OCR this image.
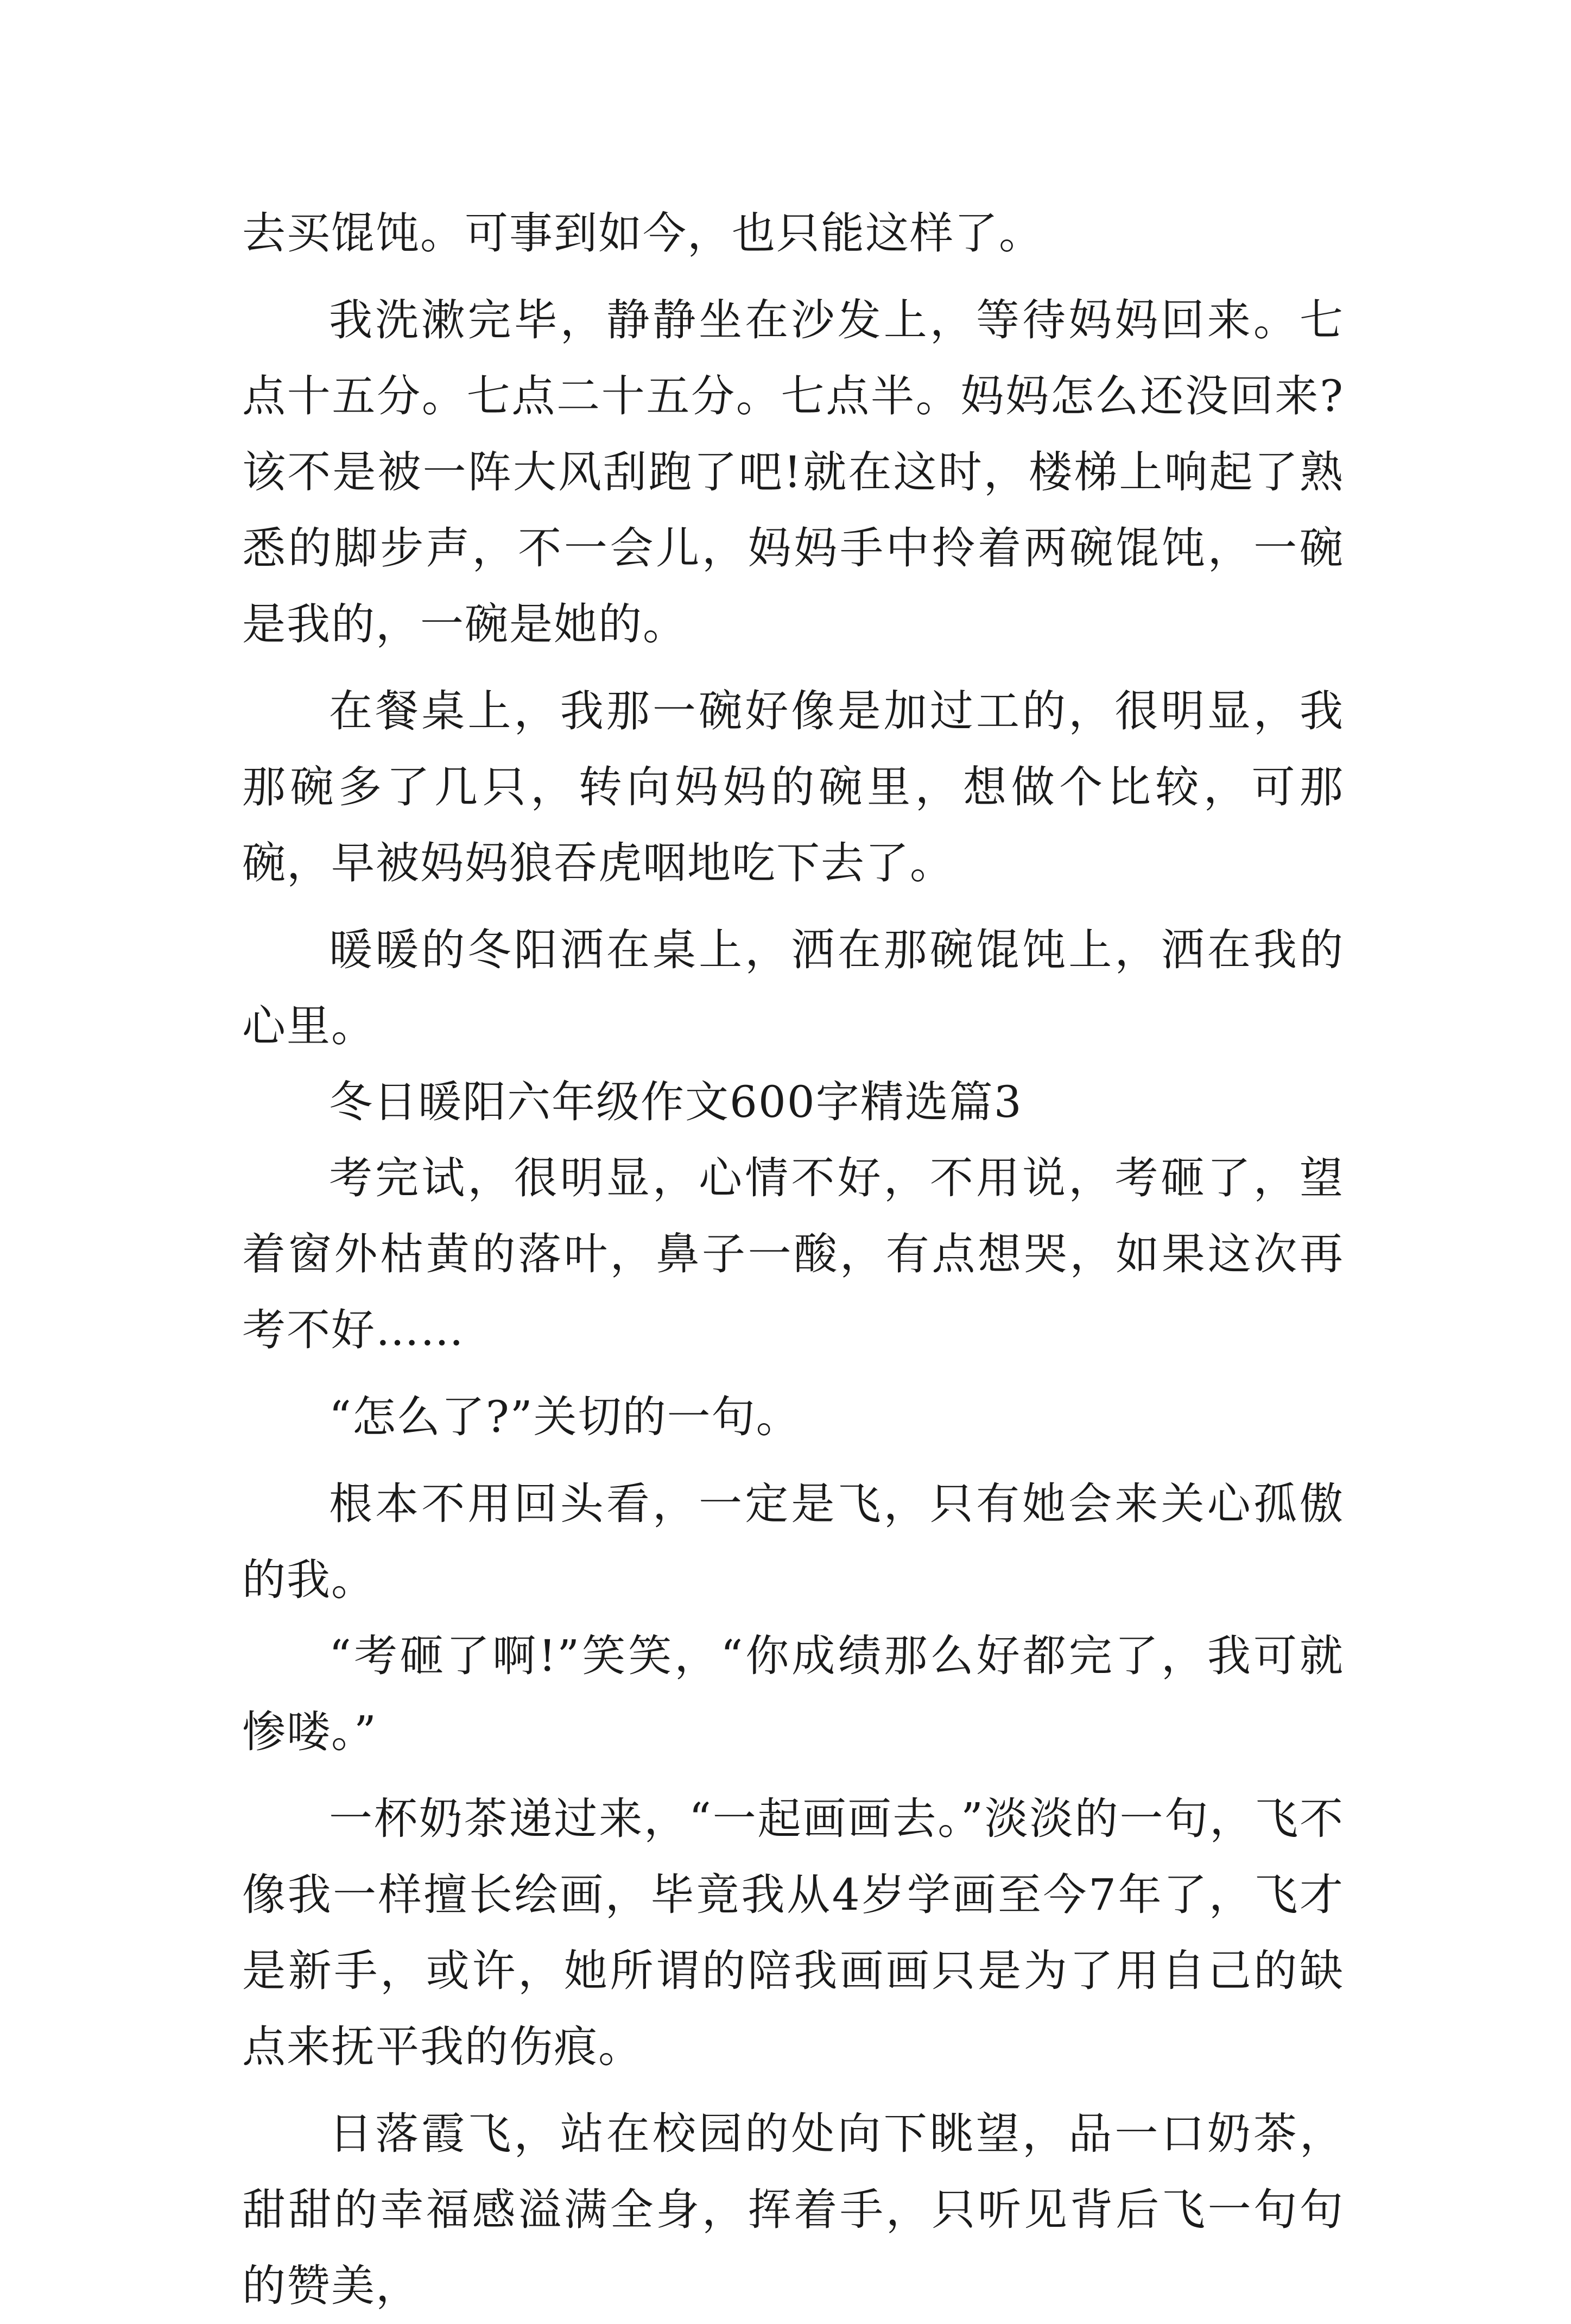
去买馄饨。可事到如今，也只能这样了。

我洗漱完毕，静静坐在沙发上，等待妈妈回来。七点十五分。七点二十五分。七点半。妈妈怎么还没回来?该不是被一阵大风刮跑了吧!就在这时，楼梯上响起了熟悉的脚步声，不一会儿，妈妈手中拎着两碗馄饨，一碗是我的，一碗是她的。

在餐桌上，我那一碗好像是加过工的，很明显，我那碗多了几只，转向妈妈的碗里，想做个比较，可那碗，早被妈妈狼吞虎咽地吃下去了。

暖暖的冬阳洒在桌上，洒在那碗馄饨上，洒在我的心里。

冬日暖阳六年级作文600字精选篇3

考完试，很明显，心情不好，不用说，考砸了，望着窗外枯黄的落叶，鼻子一酸，有点想哭，如果这次再考不好……

“怎么了?”关切的一句。

根本不用回头看，一定是飞，只有她会来关心孤傲的我。

“考砸了啊!”笑笑，“你成绩那么好都完了，我可就惨喽。”

一杯奶茶递过来，“一起画画去。”淡淡的一句，飞不像我一样擅长绘画，毕竟我从4岁学画至今7年了，飞才是新手，或许，她所谓的陪我画画只是为了用自己的缺点来抚平我的伤痕。

日落霞飞，站在校园的处向下眺望，品一口奶茶，甜甜的幸福感溢满全身，挥着手，只听见背后飞一句句的赞美，
